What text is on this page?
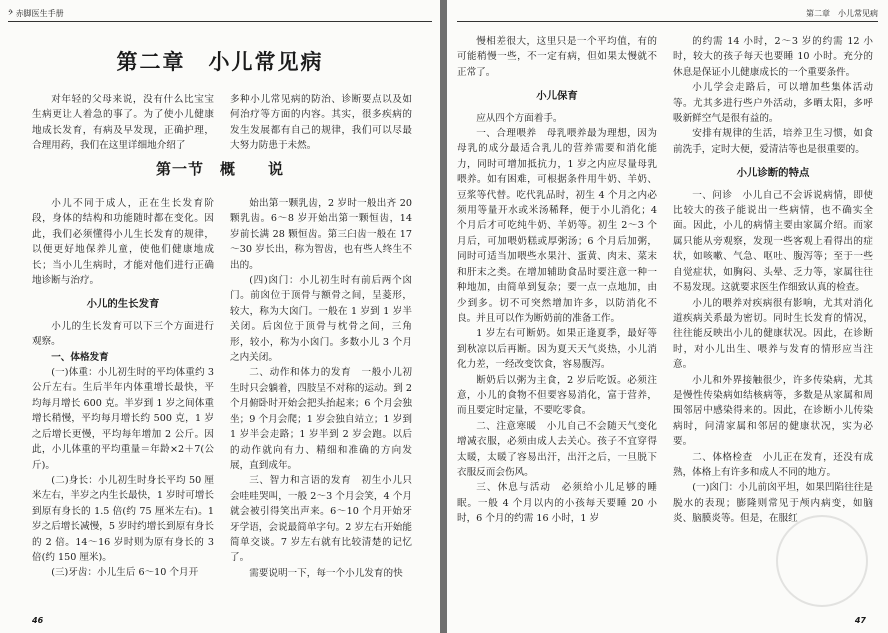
𝄢 赤脚医生手册
第二章　小儿常见病

对年轻的父母来说，没有什么比宝宝生病更让人着急的事了。为了使小儿健康地成长发育，有病及早发现，正确护理，合理用药，我们在这里详细地介绍了

多种小儿常见病的防治、诊断要点以及如何治疗等方面的内容。其实，很多疾病的发生发展都有自己的规律，我们可以尽最大努力防患于未然。

第一节　概　　说

小儿不同于成人，正在生长发育阶段，身体的结构和功能随时都在变化。因此，我们必须懂得小儿生长发育的规律，以便更好地保养儿童，使他们健康地成长；当小儿生病时，才能对他们进行正确地诊断与治疗。

小儿的生长发育

小儿的生长发育可以下三个方面进行观察。

一、体格发育

(一)体重：小儿初生时的平均体重约 3 公斤左右。生后半年内体重增长最快，平均每月增长 600 克。半岁到 1 岁之间体重增长稍慢，平均每月增长约 500 克，1 岁之后增长更慢，平均每年增加 2 公斤。因此，小儿体重的平均重量＝年龄×2＋7(公斤)。

(二)身长：小儿初生时身长平均 50 厘米左右，半岁之内生长最快，1 岁时可增长到原有身长的 1.5 倍(约 75 厘米左右)。1 岁之后增长减慢，5 岁时约增长到原有身长的 2 倍。14～16 岁时则为原有身长的 3 倍(约 150 厘米)。

(三)牙齿：小儿生后 6～10 个月开

始出第一颗乳齿，2 岁时一般出齐 20 颗乳齿。6～8 岁开始出第一颗恒齿，14 岁前长满 28 颗恒齿。第三臼齿一般在 17～30 岁长出，称为智齿，也有些人终生不出的。

(四)囟门：小儿初生时有前后两个囟门。前囟位于顶骨与额骨之间，呈菱形，较大，称为大囟门。一般在 1 岁到 1 岁半关闭。后囟位于顶骨与枕骨之间，三角形，较小，称为小囟门。多数小儿 3 个月之内关闭。

二、动作和体力的发育　一般小儿初生时只会躺着，四肢呈不对称的运动。到 2 个月俯卧时开始会把头抬起来；6 个月会独坐；9 个月会爬；1 岁会独自站立；1 岁到 1 岁半会走路；1 岁半到 2 岁会跑。以后的动作就向有力、精细和准确的方向发展，直到成年。

三、智力和言语的发育　初生小儿只会哇哇哭叫，一般 2～3 个月会笑，4 个月就会被引得笑出声来。6～10 个月开始牙牙学语，会说最简单字句。2 岁左右开始能简单交谈。7 岁左右就有比较清楚的记忆了。

需要说明一下，每一个小儿发育的快

46
第二章　小儿常见病

慢相差很大，这里只是一个平均值，有的可能稍慢一些，不一定有病，但如果太慢就不正常了。

小儿保育

应从四个方面着手。

一、合理喂养　母乳喂养最为理想，因为母乳的成分最适合乳儿的营养需要和消化能力，同时可增加抵抗力，1 岁之内应尽量母乳喂养。如有困难，可根据条件用牛奶、羊奶、豆浆等代替。吃代乳品时，初生 4 个月之内必须用等量开水或米汤稀释，便于小儿消化；4 个月后才可吃纯牛奶、羊奶等。初生 2～3 个月后，可加喂奶糕或厚粥汤；6 个月后加粥，同时可适当加喂些水果汁、蛋黄、肉末、菜末和肝末之类。在增加辅助食品时要注意一种一种地加，由简单到复杂；要一点一点地加，由少到多。切不可突然增加许多，以防消化不良。并且可以作为断奶前的准备工作。

1 岁左右可断奶。如果正逢夏季，最好等到秋凉以后再断。因为夏天天气炎热，小儿消化力差，一经改变饮食，容易腹泻。

断奶后以粥为主食，2 岁后吃饭。必须注意，小儿的食物不但要容易消化，富于营养，而且要定时定量，不要吃零食。

二、注意寒暖　小儿自己不会随天气变化增减衣服，必须由成人去关心。孩子不宜穿得太暖，太暖了容易出汗，出汗之后，一旦脱下衣服反而会伤风。

三、休息与活动　必须给小儿足够的睡眠。一般 4 个月以内的小孩每天要睡 20 小时，6 个月的约需 16 小时，1 岁

的约需 14 小时，2～3 岁的约需 12 小时，较大的孩子每天也要睡 10 小时。充分的休息是保证小儿健康成长的一个重要条件。

小儿学会走路后，可以增加些集体活动等。尤其多进行些户外活动，多晒太阳，多呼吸新鲜空气是很有益的。

安排有规律的生活，培养卫生习惯，如食前洗手，定时大便，爱清洁等也是很重要的。

小儿诊断的特点

一、问诊　小儿自己不会诉说病情，即使比较大的孩子能说出一些病情，也不确实全面。因此，小儿的病情主要由家属介绍。而家属只能从旁观察，发现一些客观上看得出的症状，如咳嗽、气急、呕吐、腹泻等；至于一些自觉症状，如胸闷、头晕、乏力等，家属往往不易发现。这就要求医生作细致认真的检查。

小儿的喂养对疾病很有影响，尤其对消化道疾病关系最为密切。同时生长发育的情况，往往能反映出小儿的健康状况。因此，在诊断时，对小儿出生、喂养与发育的情形应当注意。

小儿和外界接触很少，许多传染病，尤其是慢性传染病如结核病等，多数是从家属和周围邻居中感染得来的。因此，在诊断小儿传染病时，问清家属和邻居的健康状况，实为必要。

二、体格检查　小儿正在发育，还没有成熟，体格上有许多和成人不同的地方。

(一)囟门：小儿前囟平坦，如果凹陷往往是脱水的表现；膨隆则常见于颅内病变，如脑炎、脑膜炎等。但是，在服红

47
